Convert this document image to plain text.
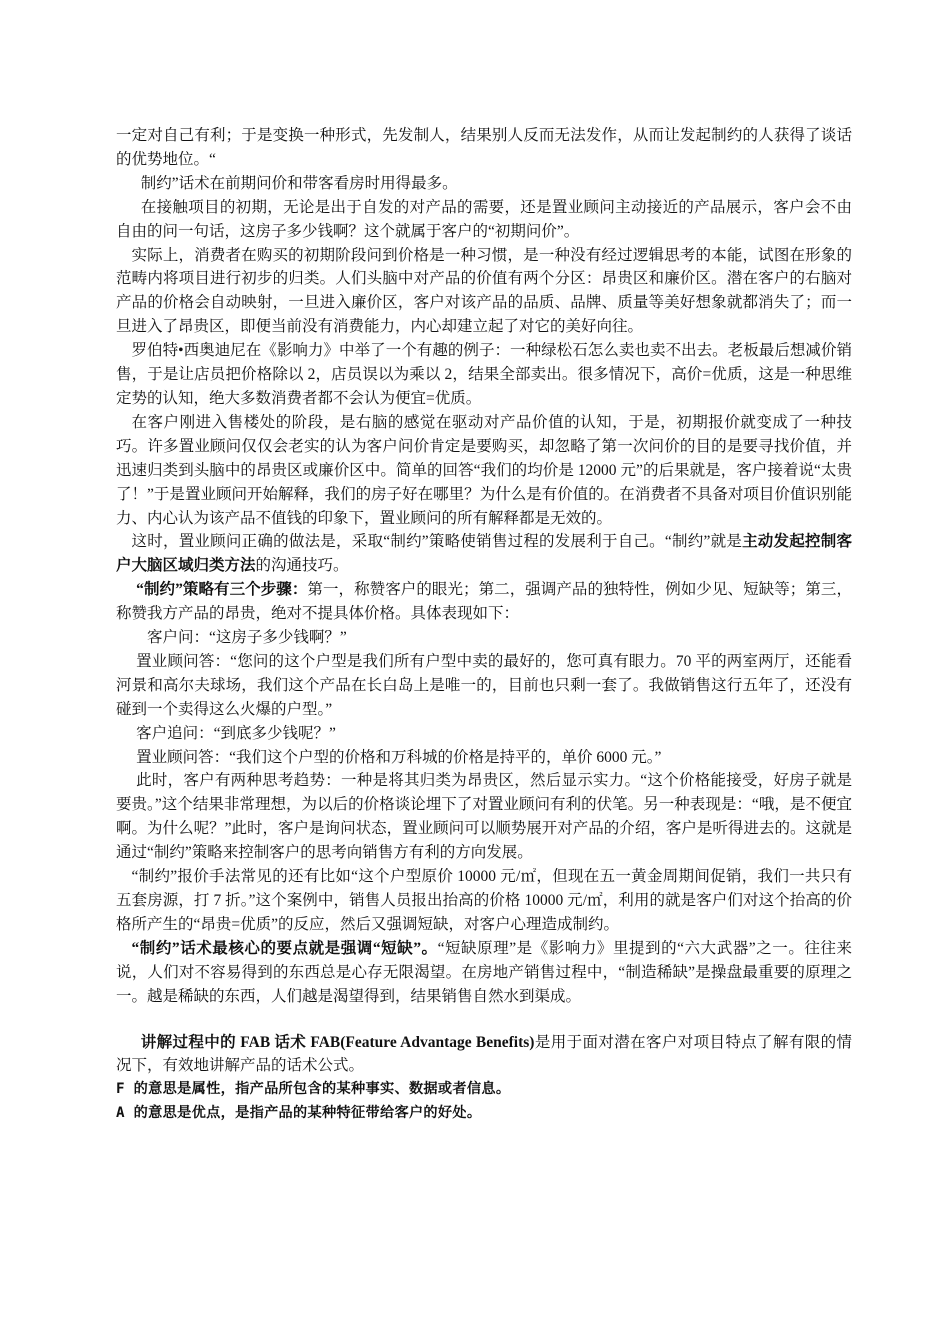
一定对自己有利；于是变换一种形式，先发制人，结果别人反而无法发作，从而让发起制约的人获得了谈话的优势地位。“

制约”话术在前期问价和带客看房时用得最多。

在接触项目的初期，无论是出于自发的对产品的需要，还是置业顾问主动接近的产品展示，客户会不由自由的问一句话，这房子多少钱啊？这个就属于客户的“初期问价”。

实际上，消费者在购买的初期阶段问到价格是一种习惯，是一种没有经过逻辑思考的本能，试图在形象的范畴内将项目进行初步的归类。人们头脑中对产品的价值有两个分区：昂贵区和廉价区。潜在客户的右脑对产品的价格会自动映射，一旦进入廉价区，客户对该产品的品质、品牌、质量等美好想象就都消失了；而一旦进入了昂贵区，即便当前没有消费能力，内心却建立起了对它的美好向往。

罗伯特•西奥迪尼在《影响力》中举了一个有趣的例子：一种绿松石怎么卖也卖不出去。老板最后想减价销售，于是让店员把价格除以 2，店员误以为乘以 2，结果全部卖出。很多情况下，高价=优质，这是一种思维定势的认知，绝大多数消费者都不会认为便宜=优质。

在客户刚进入售楼处的阶段，是右脑的感觉在驱动对产品价值的认知，于是，初期报价就变成了一种技巧。许多置业顾问仅仅会老实的认为客户问价肯定是要购买，却忽略了第一次问价的目的是要寻找价值，并迅速归类到头脑中的昂贵区或廉价区中。简单的回答“我们的均价是 12000 元”的后果就是，客户接着说“太贵了！”于是置业顾问开始解释，我们的房子好在哪里？为什么是有价值的。在消费者不具备对项目价值识别能力、内心认为该产品不值钱的印象下，置业顾问的所有解释都是无效的。

这时，置业顾问正确的做法是，采取“制约”策略使销售过程的发展利于自己。“制约”就是主动发起控制客户大脑区域归类方法的沟通技巧。

“制约”策略有三个步骤：第一，称赞客户的眼光；第二，强调产品的独特性，例如少见、短缺等；第三，称赞我方产品的昂贵，绝对不提具体价格。具体表现如下：

客户问：“这房子多少钱啊？”

置业顾问答：“您问的这个户型是我们所有户型中卖的最好的，您可真有眼力。70 平的两室两厅，还能看河景和高尔夫球场，我们这个产品在长白岛上是唯一的，目前也只剩一套了。我做销售这行五年了，还没有碰到一个卖得这么火爆的户型。”

客户追问：“到底多少钱呢？”

置业顾问答：“我们这个户型的价格和万科城的价格是持平的，单价 6000 元。”

此时，客户有两种思考趋势：一种是将其归类为昂贵区，然后显示实力。“这个价格能接受，好房子就是要贵。”这个结果非常理想，为以后的价格谈论埋下了对置业顾问有利的伏笔。另一种表现是：“哦，是不便宜啊。为什么呢？”此时，客户是询问状态，置业顾问可以顺势展开对产品的介绍，客户是听得进去的。这就是通过“制约”策略来控制客户的思考向销售方有利的方向发展。

“制约”报价手法常见的还有比如“这个户型原价 10000 元/㎡，但现在五一黄金周期间促销，我们一共只有五套房源，打 7 折。”这个案例中，销售人员报出抬高的价格 10000 元/㎡，利用的就是客户们对这个抬高的价格所产生的“昂贵=优质”的反应，然后又强调短缺，对客户心理造成制约。

“制约”话术最核心的要点就是强调“短缺”。“短缺原理”是《影响力》里提到的“六大武器”之一。往往来说，人们对不容易得到的东西总是心存无限渴望。在房地产销售过程中，“制造稀缺”是操盘最重要的原理之一。越是稀缺的东西，人们越是渴望得到，结果销售自然水到渠成。

讲解过程中的 FAB 话术 FAB(Feature Advantage Benefits)是用于面对潜在客户对项目特点了解有限的情况下，有效地讲解产品的话术公式。

F 的意思是属性，指产品所包含的某种事实、数据或者信息。

A 的意思是优点，是指产品的某种特征带给客户的好处。
